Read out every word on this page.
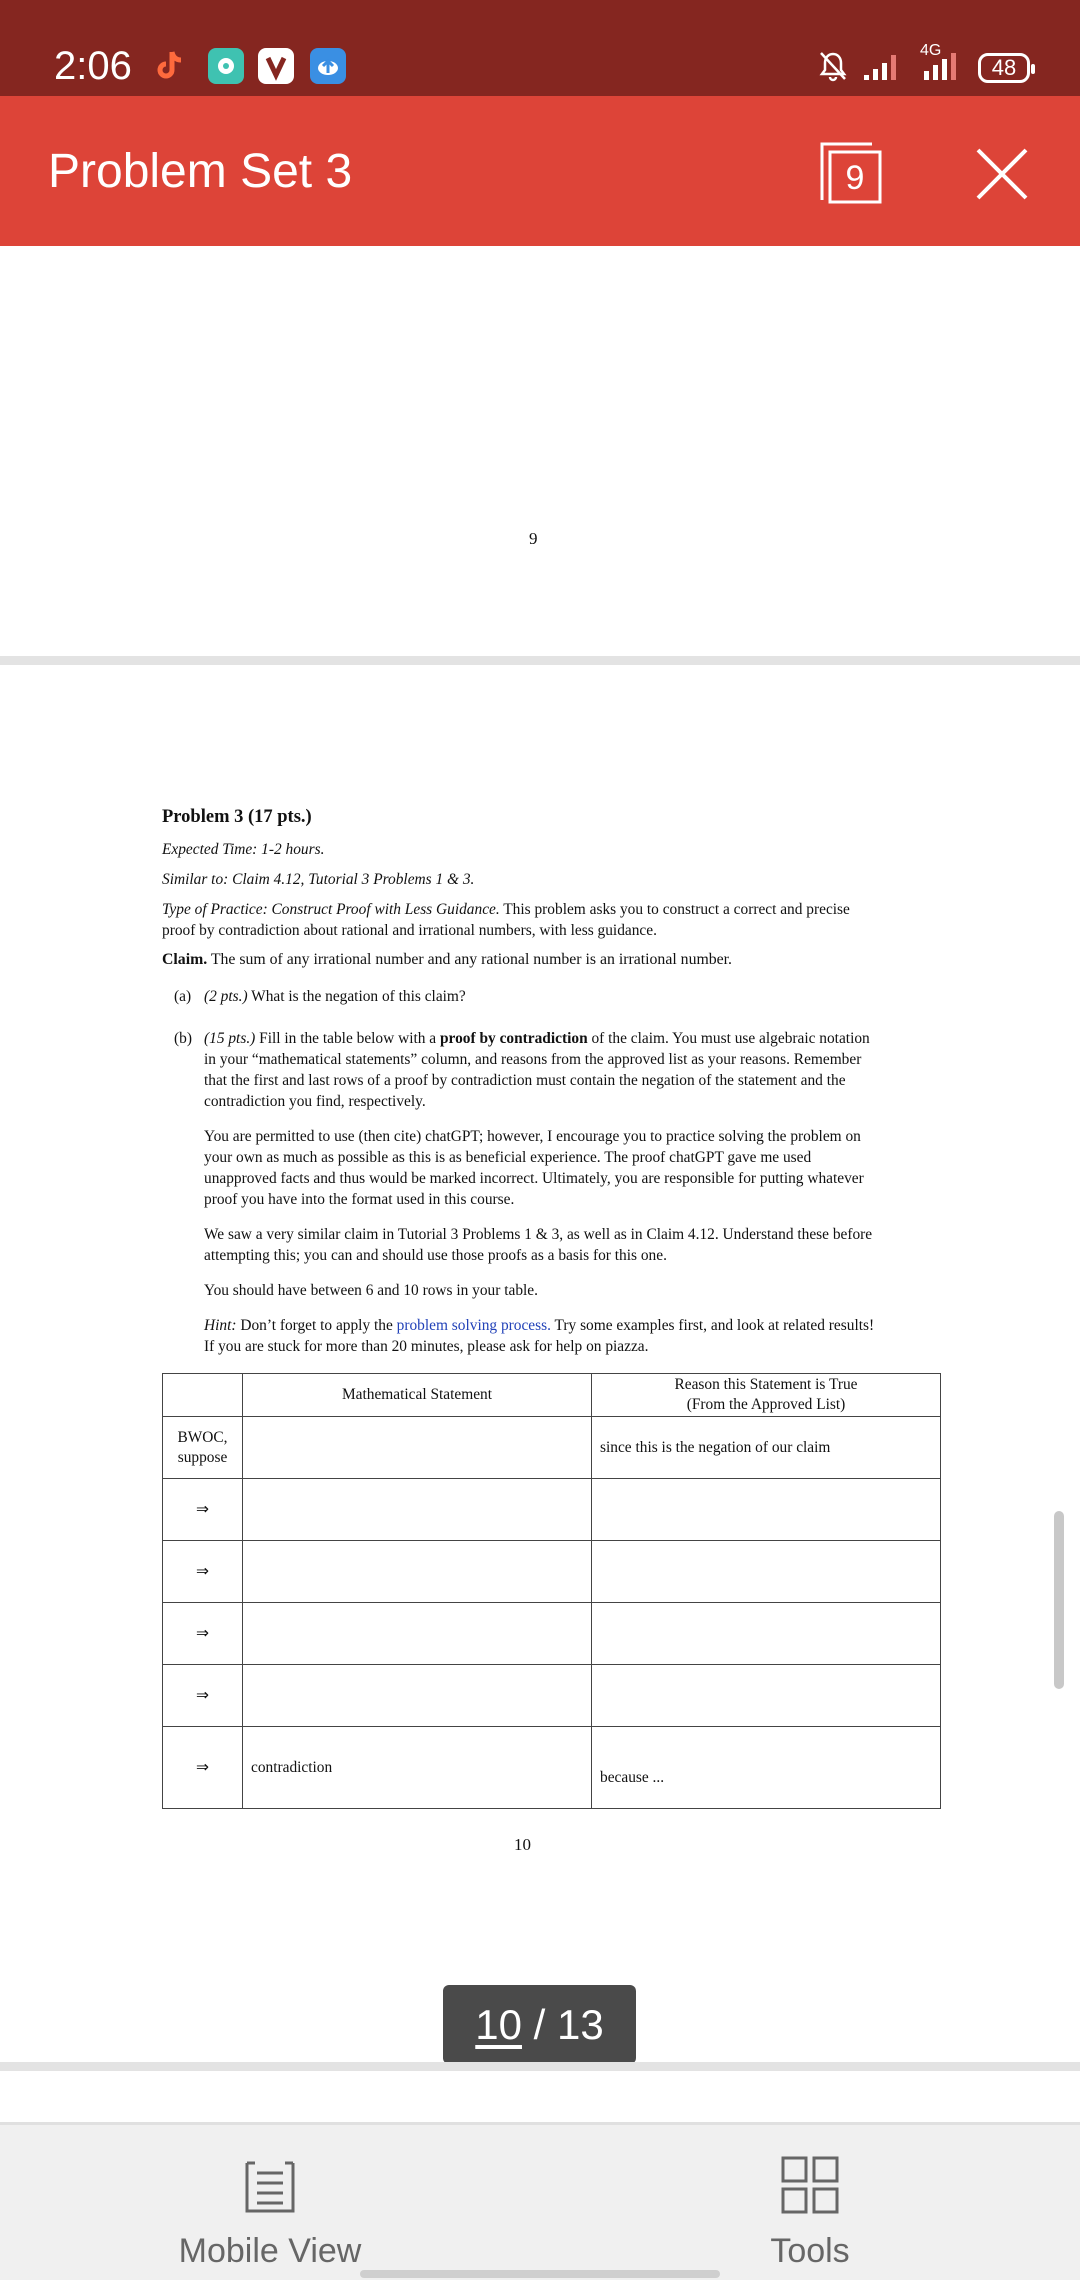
2:06	4G
48
Problem Set 3	9
9

Problem 3 (17 pts.)

Expected Time: 1-2 hours.

Similar to: Claim 4.12, Tutorial 3 Problems 1 & 3.

Type of Practice: Construct Proof with Less Guidance. This problem asks you to construct a correct and precise proof by contradiction about rational and irrational numbers, with less guidance.

Claim. The sum of any irrational number and any rational number is an irrational number.

(a) (2 pts.) What is the negation of this claim?
(b) (15 pts.) Fill in the table below with a proof by contradiction of the claim. You must use algebraic notation in your “mathematical statements” column, and reasons from the approved list as your reasons. Remember that the first and last rows of a proof by contradiction must contain the negation of the statement and the contradiction you find, respectively.

You are permitted to use (then cite) chatGPT; however, I encourage you to practice solving the problem on your own as much as possible as this is as beneficial experience. The proof chatGPT gave me used unapproved facts and thus would be marked incorrect. Ultimately, you are responsible for putting whatever proof you have into the format used in this course.

We saw a very similar claim in Tutorial 3 Problems 1 & 3, as well as in Claim 4.12. Understand these before attempting this; you can and should use those proofs as a basis for this one.

You should have between 6 and 10 rows in your table.

Hint: Don’t forget to apply the problem solving process. Try some examples first, and look at related results! If you are stuck for more than 20 minutes, please ask for help on piazza.

	Mathematical Statement	Reason this Statement is True
(From the Approved List)
BWOC,
suppose		since this is the negation of our claim
⇒		
⇒		
⇒		
⇒		
⇒	contradiction	because ...
10
10 / 13
Mobile View	Tools
